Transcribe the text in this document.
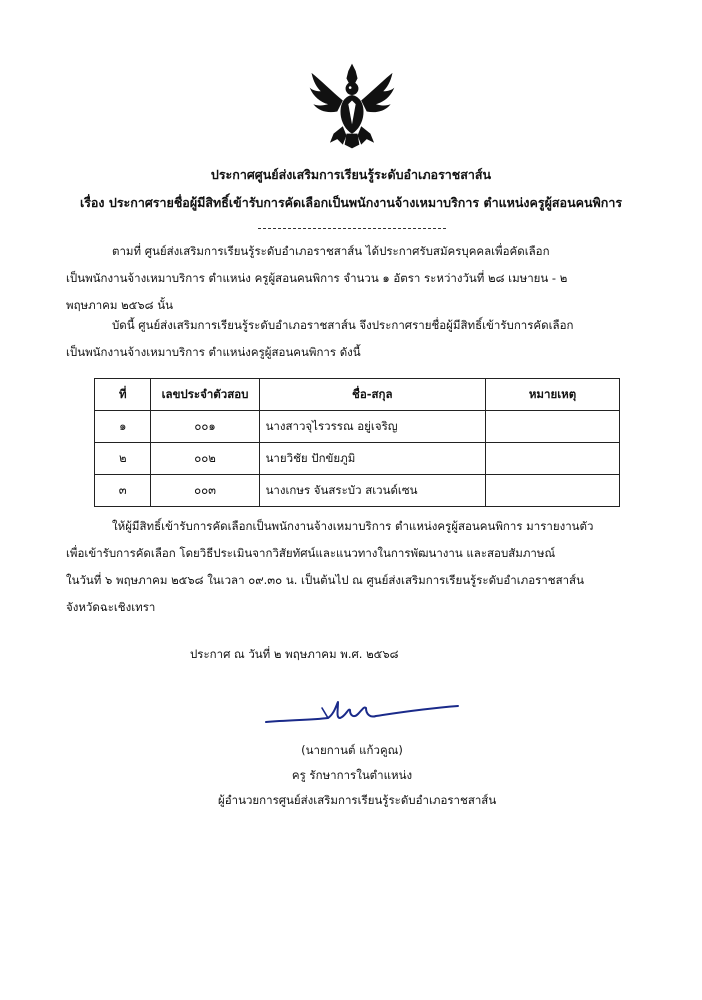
ประกาศศูนย์ส่งเสริมการเรียนรู้ระดับอำเภอราชสาส์น
เรื่อง ประกาศรายชื่อผู้มีสิทธิ์เข้ารับการคัดเลือกเป็นพนักงานจ้างเหมาบริการ ตำแหน่งครูผู้สอนคนพิการ
ตามที่ ศูนย์ส่งเสริมการเรียนรู้ระดับอำเภอราชสาส์น ได้ประกาศรับสมัครบุคคลเพื่อคัดเลือก
เป็นพนักงานจ้างเหมาบริการ ตำแหน่ง ครูผู้สอนคนพิการ จำนวน ๑ อัตรา ระหว่างวันที่ ๒๘ เมษายน - ๒
พฤษภาคม ๒๕๖๘ นั้น
บัดนี้ ศูนย์ส่งเสริมการเรียนรู้ระดับอำเภอราชสาส์น จึงประกาศรายชื่อผู้มีสิทธิ์เข้ารับการคัดเลือก
เป็นพนักงานจ้างเหมาบริการ ตำแหน่งครูผู้สอนคนพิการ ดังนี้
ที่	เลขประจำตัวสอบ	ชื่อ-สกุล	หมายเหตุ
๑	๐๐๑	นางสาวจุไรวรรณ อยู่เจริญ	
๒	๐๐๒	นายวิชัย ปักขัยภูมิ	
๓	๐๐๓	นางเกษร จันสระบัว สเวนด์เซน	
ให้ผู้มีสิทธิ์เข้ารับการคัดเลือกเป็นพนักงานจ้างเหมาบริการ ตำแหน่งครูผู้สอนคนพิการ มารายงานตัว
เพื่อเข้ารับการคัดเลือก โดยวิธีประเมินจากวิสัยทัศน์และแนวทางในการพัฒนางาน และสอบสัมภาษณ์
ในวันที่ ๖ พฤษภาคม ๒๕๖๘ ในเวลา ๐๙.๓๐ น. เป็นต้นไป ณ ศูนย์ส่งเสริมการเรียนรู้ระดับอำเภอราชสาส์น
จังหวัดฉะเชิงเทรา
ประกาศ ณ วันที่ ๒ พฤษภาคม พ.ศ. ๒๕๖๘
(นายกานต์ แก้วคูณ)
ครู รักษาการในตำแหน่ง
ผู้อำนวยการศูนย์ส่งเสริมการเรียนรู้ระดับอำเภอราชสาส์น
